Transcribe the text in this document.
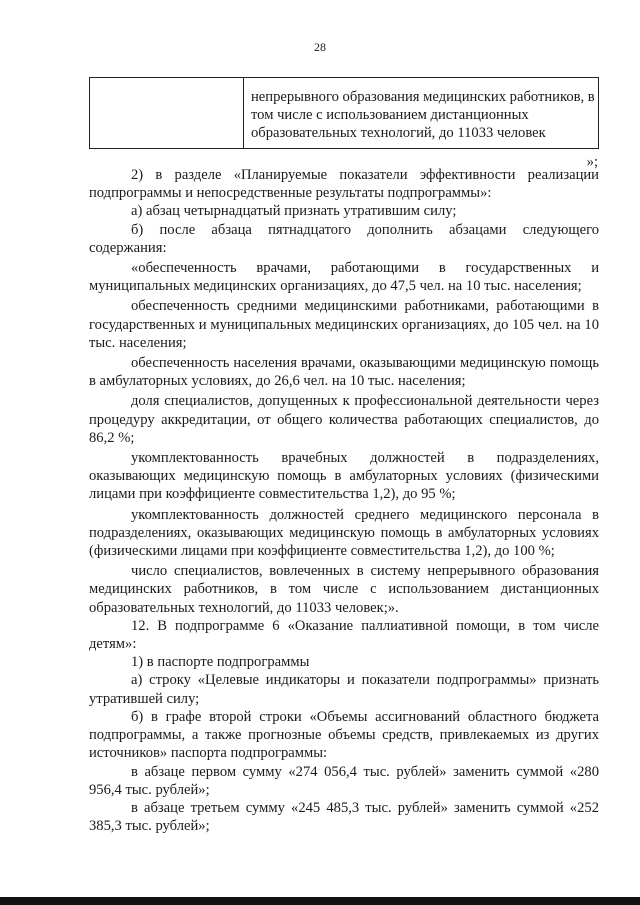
28
непрерывного образования медицинских работников, в том числе с использованием дистанционных образовательных технологий, до 11033 человек
»;

2) в разделе «Планируемые показатели эффективности реализации подпрограммы и непосредственные результаты подпрограммы»:

а) абзац четырнадцатый признать утратившим силу;

б) после абзаца пятнадцатого дополнить абзацами следующего содержания:

«обеспеченность врачами, работающими в государственных и муниципальных медицинских организациях, до 47,5 чел. на 10 тыс. населения;

обеспеченность средними медицинскими работниками, работающими в государственных и муниципальных медицинских организациях, до 105 чел. на 10 тыс. населения;

обеспеченность населения врачами, оказывающими медицинскую помощь в амбулаторных условиях, до 26,6 чел. на 10 тыс. населения;

доля специалистов, допущенных к профессиональной деятельности через процедуру аккредитации, от общего количества работающих специалистов, до 86,2 %;

укомплектованность врачебных должностей в подразделениях, оказывающих медицинскую помощь в амбулаторных условиях (физическими лицами при коэффициенте совместительства 1,2), до 95 %;

укомплектованность должностей среднего медицинского персонала в подразделениях, оказывающих медицинскую помощь в амбулаторных условиях (физическими лицами при коэффициенте совместительства 1,2), до 100 %;

число специалистов, вовлеченных в систему непрерывного образования медицинских работников, в том числе с использованием дистанционных образовательных технологий, до 11033 человек;».

12. В подпрограмме 6 «Оказание паллиативной помощи, в том числе детям»:

1) в паспорте подпрограммы

а) строку «Целевые индикаторы и показатели подпрограммы» признать утратившей силу;

б) в графе второй строки «Объемы ассигнований областного бюджета подпрограммы, а также прогнозные объемы средств, привлекаемых из других источников» паспорта подпрограммы:

в абзаце первом сумму «274 056,4 тыс. рублей» заменить суммой «280 956,4 тыс. рублей»;

в абзаце третьем сумму «245 485,3 тыс. рублей» заменить суммой «252 385,3 тыс. рублей»;
